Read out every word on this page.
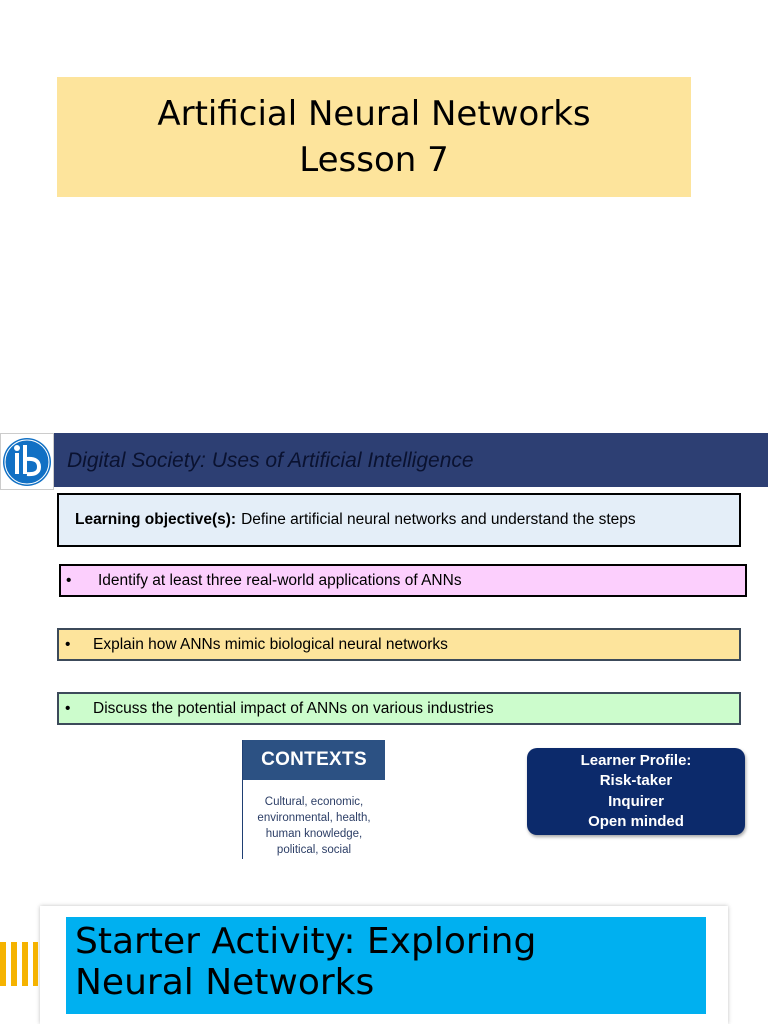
Artificial Neural Networks
Lesson 7
Digital Society: Uses of Artificial Intelligence
Learning objective(s): Define artificial neural networks and understand the steps
•	Identify at least three real-world applications of ANNs
•	Explain how ANNs mimic biological neural networks
•	Discuss the potential impact of ANNs on various industries
CONTEXTS
Cultural, economic,
environmental, health,
human knowledge,
political, social
Learner Profile:
Risk-taker
Inquirer
Open minded
Starter Activity: Exploring
Neural Networks
